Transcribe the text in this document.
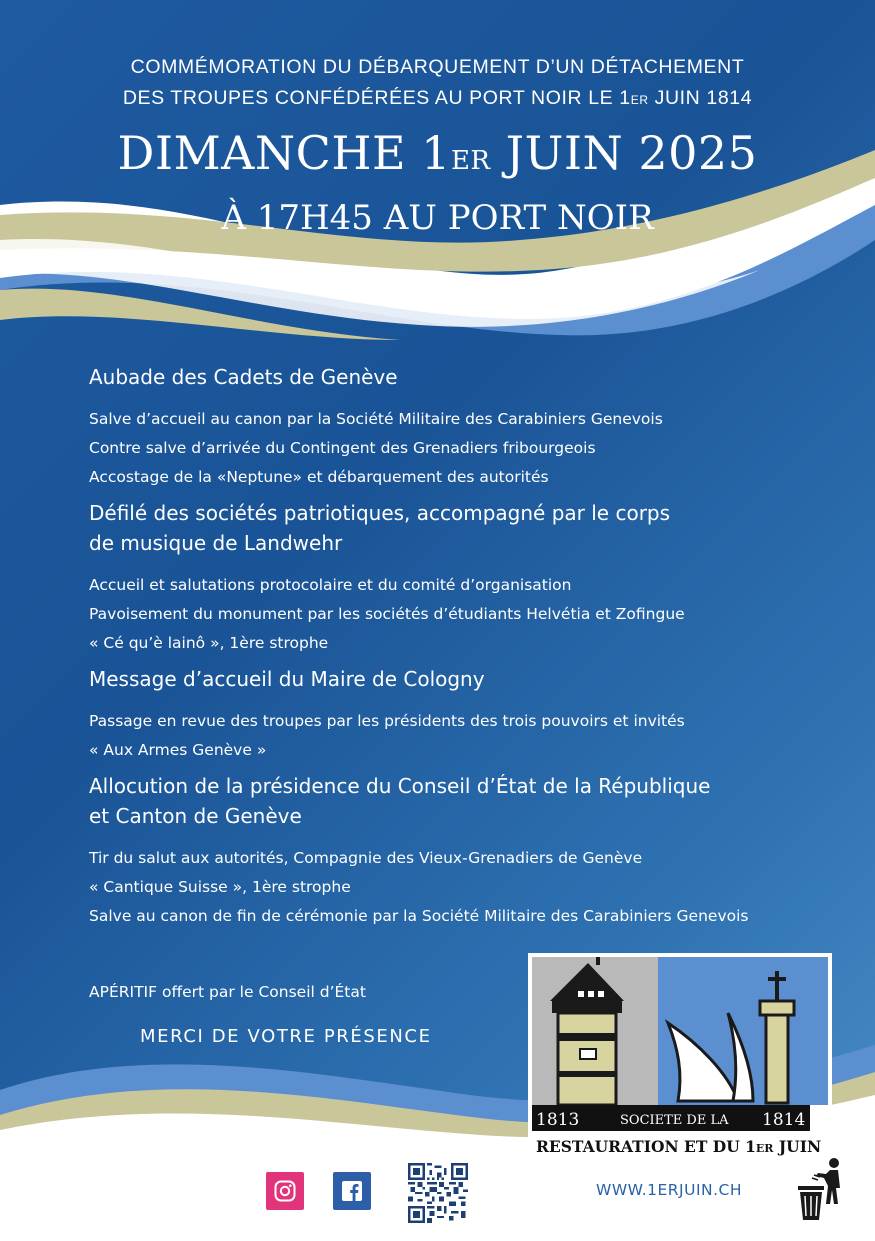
COMMÉMORATION DU DÉBARQUEMENT D’UN DÉTACHEMENT
DES TROUPES CONFÉDÉRÉES AU PORT NOIR LE 1ER JUIN 1814
DIMANCHE 1ER JUIN 2025
À 17H45 AU PORT NOIR

Aubade des Cadets de Genève

Salve d’accueil au canon par la Société Militaire des Carabiniers Genevois

Contre salve d’arrivée du Contingent des Grenadiers fribourgeois

Accostage de la «Neptune» et débarquement des autorités

Défilé des sociétés patriotiques, accompagné par le corps

de musique de Landwehr

Accueil et salutations protocolaire et du comité d’organisation

Pavoisement du monument par les sociétés d’étudiants Helvétia et Zofingue

« Cé qu’è lainô », 1ère strophe

Message d’accueil du Maire de Cologny

Passage en revue des troupes par les présidents des trois pouvoirs et invités

« Aux Armes Genève »

Allocution de la présidence du Conseil d’État de la République

et Canton de Genève

Tir du salut aux autorités, Compagnie des Vieux-Grenadiers de Genève

« Cantique Suisse », 1ère strophe

Salve au canon de fin de cérémonie par la Société Militaire des Carabiniers Genevois

APÉRITIF offert par le Conseil d’État
MERCI DE VOTRE PRÉSENCE
1813	SOCIETE DE LA 1814
RESTAURATION ET DU 1ER JUIN
WWW.1ERJUIN.CH
